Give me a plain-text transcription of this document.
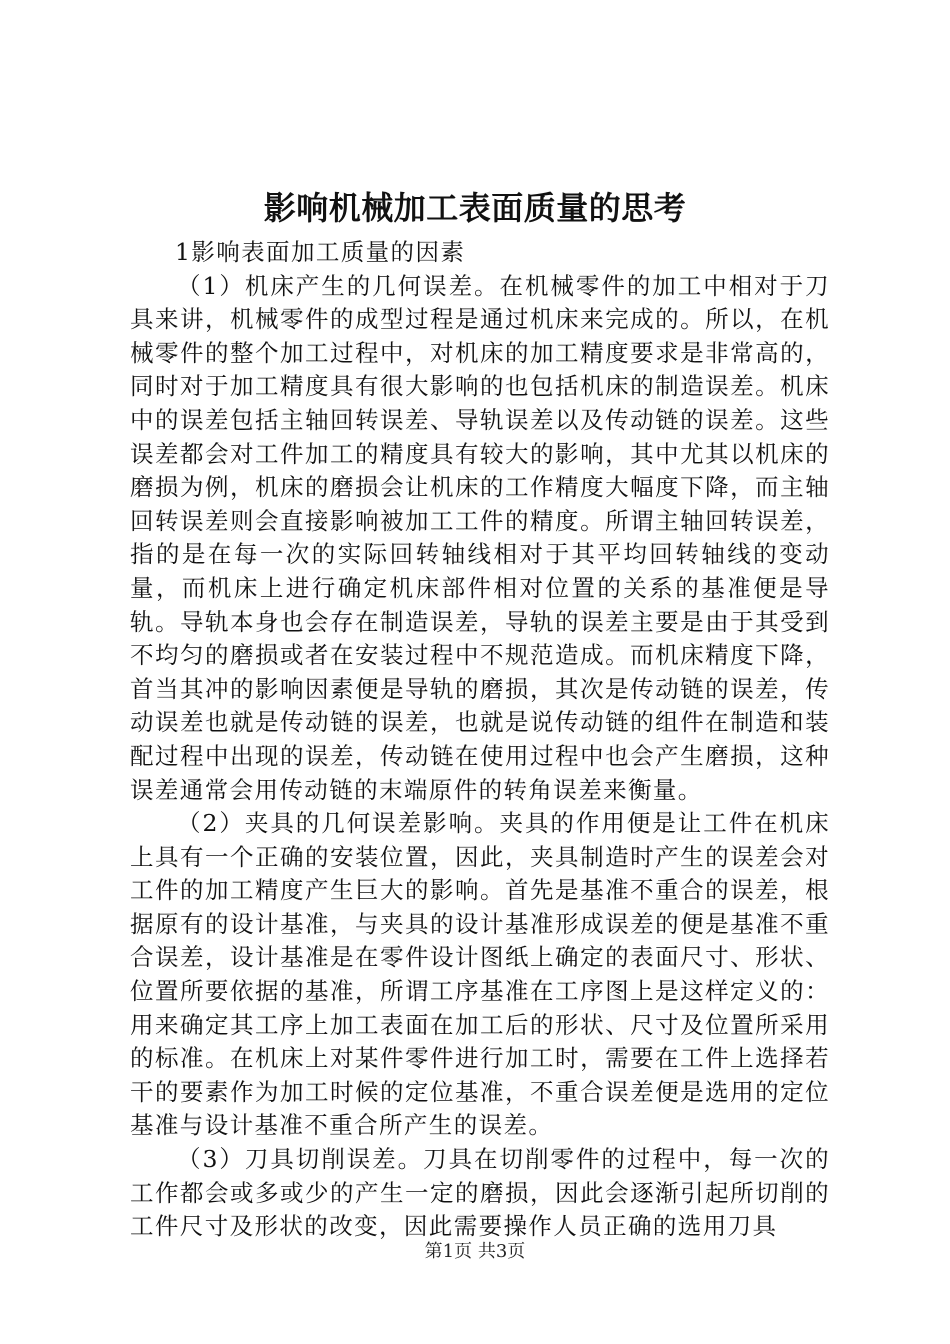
影响机械加工表面质量的思考

1影响表面加工质量的因素

（1）机床产生的几何误差。在机械零件的加工中相对于刀具来讲，机械零件的成型过程是通过机床来完成的。所以，在机械零件的整个加工过程中，对机床的加工精度要求是非常高的，同时对于加工精度具有很大影响的也包括机床的制造误差。机床中的误差包括主轴回转误差、导轨误差以及传动链的误差。这些误差都会对工件加工的精度具有较大的影响，其中尤其以机床的磨损为例，机床的磨损会让机床的工作精度大幅度下降，而主轴回转误差则会直接影响被加工工件的精度。所谓主轴回转误差，指的是在每一次的实际回转轴线相对于其平均回转轴线的变动量，而机床上进行确定机床部件相对位置的关系的基准便是导轨。导轨本身也会存在制造误差，导轨的误差主要是由于其受到不均匀的磨损或者在安装过程中不规范造成。而机床精度下降，首当其冲的影响因素便是导轨的磨损，其次是传动链的误差，传动误差也就是传动链的误差，也就是说传动链的组件在制造和装配过程中出现的误差，传动链在使用过程中也会产生磨损，这种误差通常会用传动链的末端原件的转角误差来衡量。

（2）夹具的几何误差影响。夹具的作用便是让工件在机床上具有一个正确的安装位置，因此，夹具制造时产生的误差会对工件的加工精度产生巨大的影响。首先是基准不重合的误差，根据原有的设计基准，与夹具的设计基准形成误差的便是基准不重合误差，设计基准是在零件设计图纸上确定的表面尺寸、形状、位置所要依据的基准，所谓工序基准在工序图上是这样定义的：用来确定其工序上加工表面在加工后的形状、尺寸及位置所采用的标准。在机床上对某件零件进行加工时，需要在工件上选择若干的要素作为加工时候的定位基准，不重合误差便是选用的定位基准与设计基准不重合所产生的误差。

（3）刀具切削误差。刀具在切削零件的过程中，每一次的工作都会或多或少的产生一定的磨损，因此会逐渐引起所切削的工件尺寸及形状的改变，因此需要操作人员正确的选用刀具

第1页 共3页
